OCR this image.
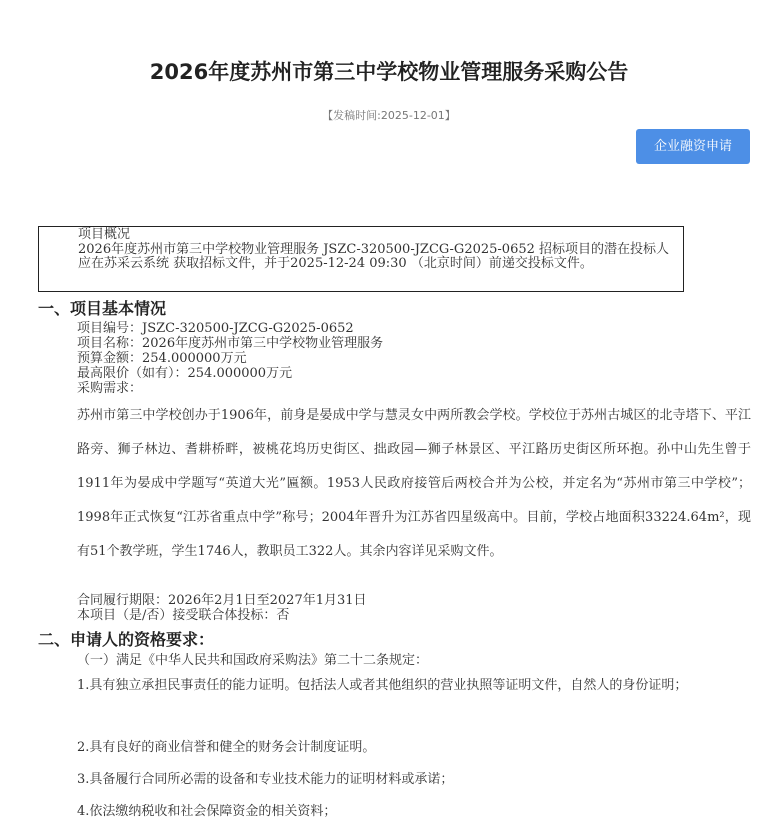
2026年度苏州市第三中学校物业管理服务采购公告
【发稿时间:2025-12-01】
企业融资申请

项目概况

2026年度苏州市第三中学校物业管理服务 JSZC-320500-JZCG-G2025-0652 招标项目的潜在投标人应在苏采云系统 获取招标文件，并于2025-12-24 09:30 （北京时间）前递交投标文件。

一、项目基本情况

项目编号：JSZC-320500-JZCG-G2025-0652

项目名称：2026年度苏州市第三中学校物业管理服务

预算金额：254.000000万元

最高限价（如有）：254.000000万元

采购需求：

苏州市第三中学校创办于1906年，前身是晏成中学与慧灵女中两所教会学校。学校位于苏州古城区的北寺塔下、平江路旁、狮子林边、耆耕桥畔，被桃花坞历史街区、拙政园—狮子林景区、平江路历史街区所环抱。孙中山先生曾于1911年为晏成中学题写“英道大光”匾额。1953人民政府接管后两校合并为公校，并定名为“苏州市第三中学校”；1998年正式恢复“江苏省重点中学”称号；2004年晋升为江苏省四星级高中。目前，学校占地面积33224.64m²，现有51个教学班，学生1746人，教职员工322人。其余内容详见采购文件。

合同履行期限：2026年2月1日至2027年1月31日

本项目（是/否）接受联合体投标：否

二、申请人的资格要求：
（一）满足《中华人民共和国政府采购法》第二十二条规定：

1.具有独立承担民事责任的能力证明。包括法人或者其他组织的营业执照等证明文件，自然人的身份证明；

2.具有良好的商业信誉和健全的财务会计制度证明。

3.具备履行合同所必需的设备和专业技术能力的证明材料或承诺；

4.依法缴纳税收和社会保障资金的相关资料；
